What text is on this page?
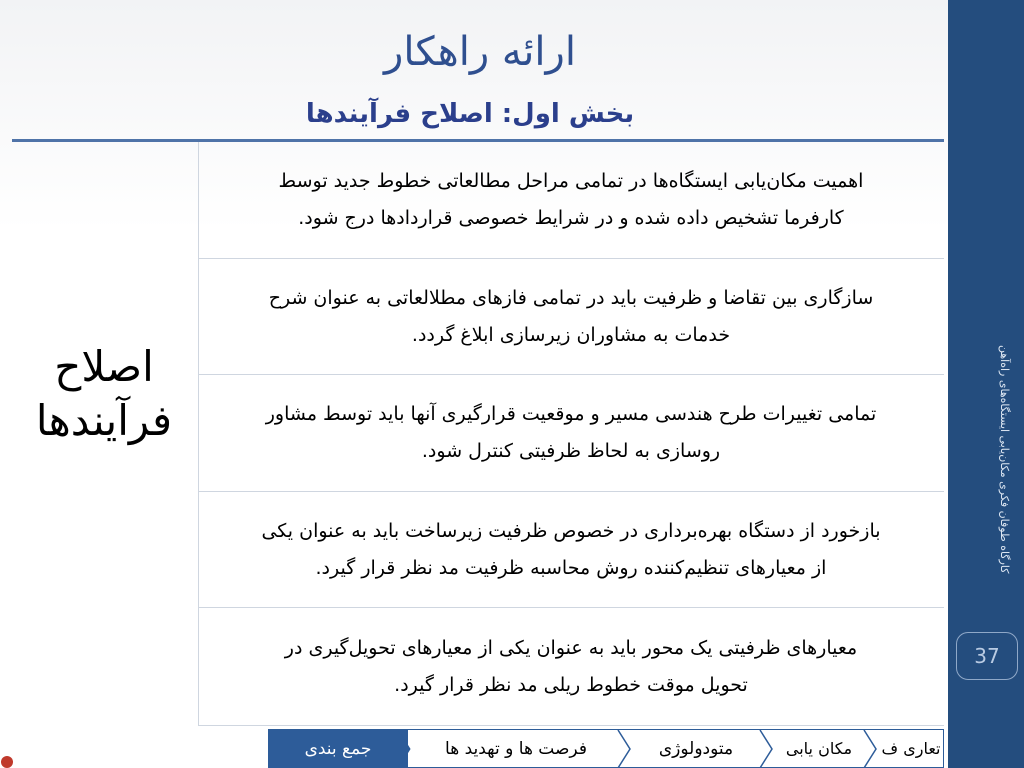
کارگاه طوفان فکری مکان‌یابی ایستگاه‌های راه‌آهن
37
ارائه راهکار
بخش اول: اصلاح فرآیندها
اصلاح
فرآیندها
اهمیت مکان‌یابی ایستگاه‌ها در تمامی مراحل مطالعاتی خطوط جدید توسط
کارفرما تشخیص داده شده و در شرایط خصوصی قراردادها درج شود.
سازگاری بین تقاضا و ظرفیت باید در تمامی فازهای مطلالعاتی به عنوان شرح
خدمات به مشاوران زیرسازی ابلاغ گردد.
تمامی تغییرات طرح هندسی مسیر و موقعیت قرارگیری آنها باید توسط مشاور
روسازی به لحاظ ظرفیتی کنترل شود.
بازخورد از دستگاه بهره‌برداری در خصوص ظرفیت زیرساخت باید به عنوان یکی
از معیارهای تنظیم‌کننده روش محاسبه ظرفیت مد نظر قرار گیرد.
معیارهای ظرفیتی یک محور باید به عنوان یکی از معیارهای تحویل‌گیری در
تحویل موقت خطوط ریلی مد نظر قرار گیرد.
جمع بندی	فرصت ها و تهدید ها	متودولوژی	مکان یابی	تعاری ف
